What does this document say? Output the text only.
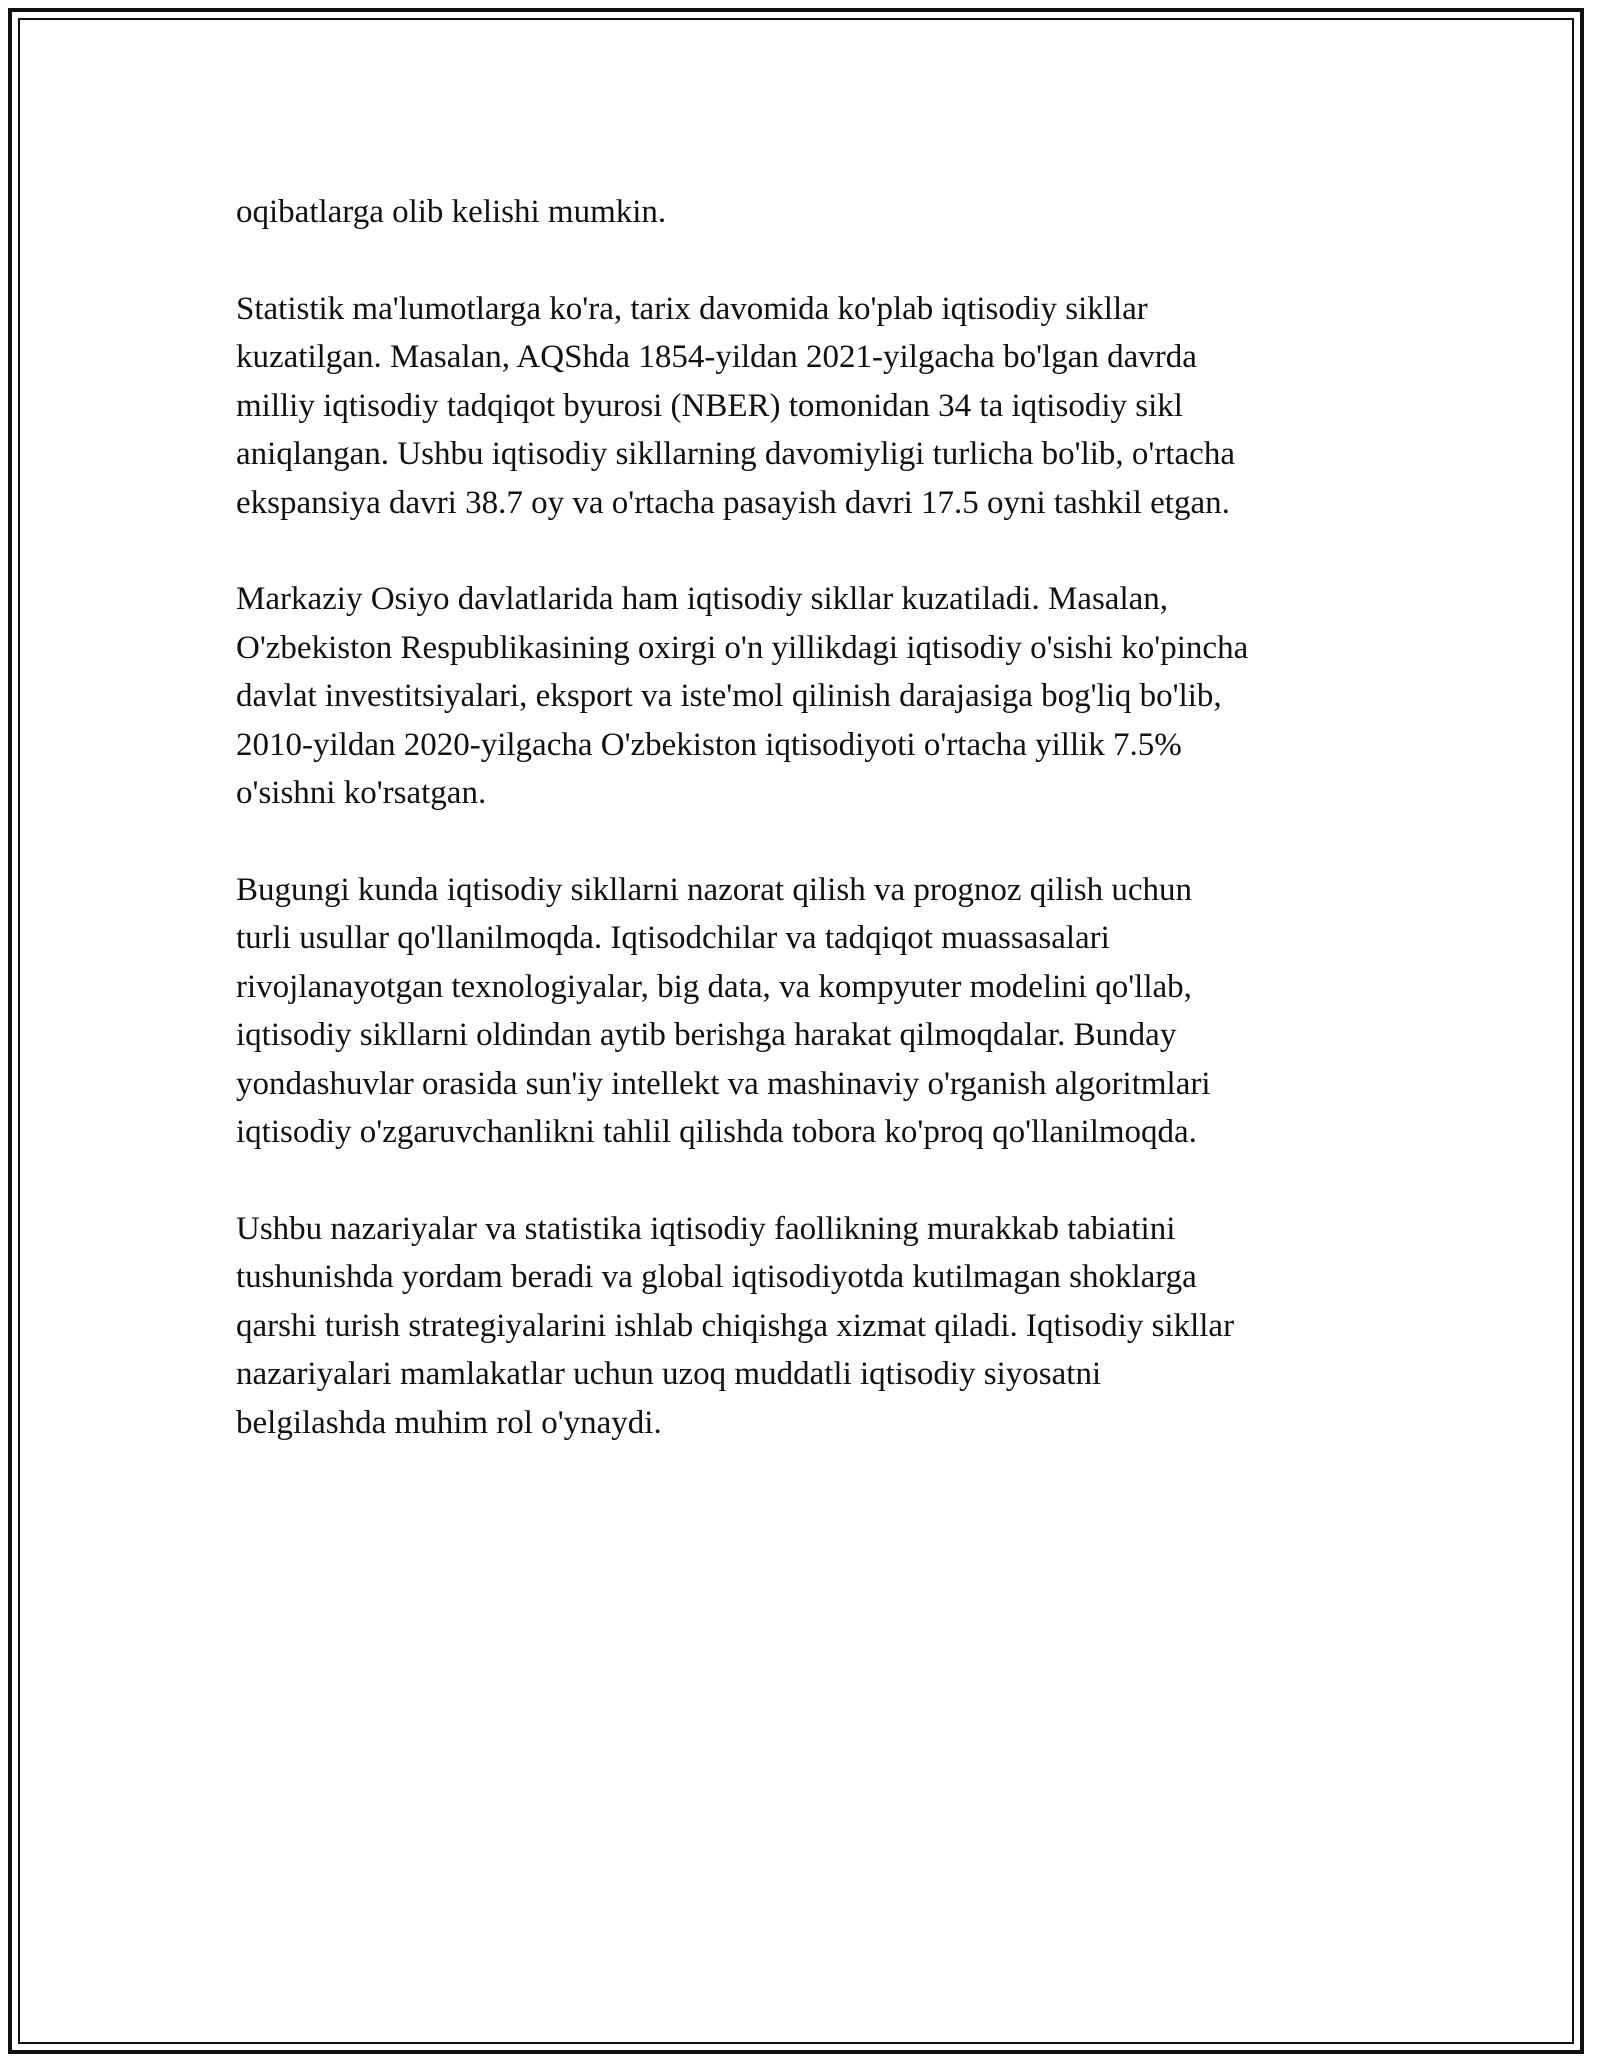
oqibatlarga olib kelishi mumkin.

Statistik ma'lumotlarga ko'ra, tarix davomida ko'plab iqtisodiy sikllar
kuzatilgan. Masalan, AQShda 1854-yildan 2021-yilgacha bo'lgan davrda
milliy iqtisodiy tadqiqot byurosi (NBER) tomonidan 34 ta iqtisodiy sikl
aniqlangan. Ushbu iqtisodiy sikllarning davomiyligi turlicha bo'lib, o'rtacha
ekspansiya davri 38.7 oy va o'rtacha pasayish davri 17.5 oyni tashkil etgan.

Markaziy Osiyo davlatlarida ham iqtisodiy sikllar kuzatiladi. Masalan,
O'zbekiston Respublikasining oxirgi o'n yillikdagi iqtisodiy o'sishi ko'pincha
davlat investitsiyalari, eksport va iste'mol qilinish darajasiga bog'liq bo'lib,
2010-yildan 2020-yilgacha O'zbekiston iqtisodiyoti o'rtacha yillik 7.5%
o'sishni ko'rsatgan.

Bugungi kunda iqtisodiy sikllarni nazorat qilish va prognoz qilish uchun
turli usullar qo'llanilmoqda. Iqtisodchilar va tadqiqot muassasalari
rivojlanayotgan texnologiyalar, big data, va kompyuter modelini qo'llab,
iqtisodiy sikllarni oldindan aytib berishga harakat qilmoqdalar. Bunday
yondashuvlar orasida sun'iy intellekt va mashinaviy o'rganish algoritmlari
iqtisodiy o'zgaruvchanlikni tahlil qilishda tobora ko'proq qo'llanilmoqda.

Ushbu nazariyalar va statistika iqtisodiy faollikning murakkab tabiatini
tushunishda yordam beradi va global iqtisodiyotda kutilmagan shoklarga
qarshi turish strategiyalarini ishlab chiqishga xizmat qiladi. Iqtisodiy sikllar
nazariyalari mamlakatlar uchun uzoq muddatli iqtisodiy siyosatni
belgilashda muhim rol o'ynaydi.
